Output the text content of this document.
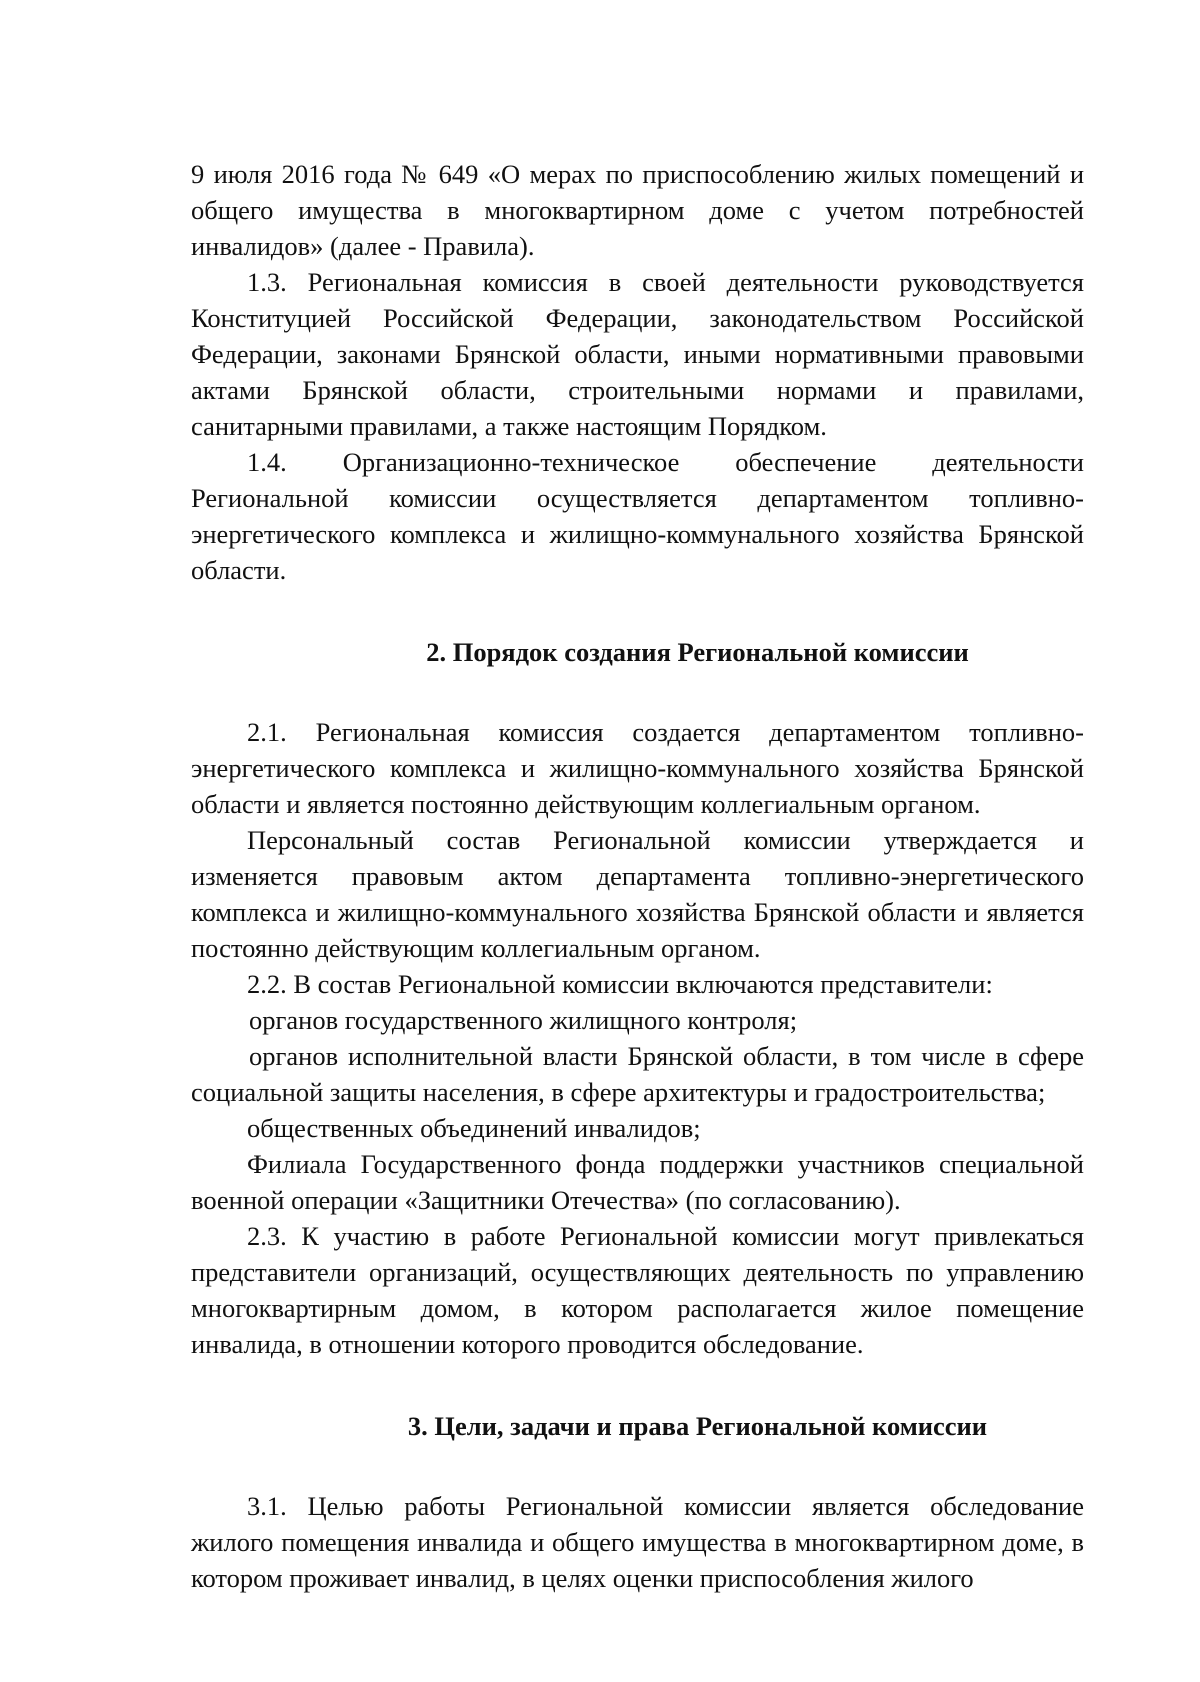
9 июля 2016 года № 649 «О мерах по приспособлению жилых помещений и общего имущества в многоквартирном доме с учетом потребностей инвалидов» (далее - Правила).

1.3. Региональная комиссия в своей деятельности руководствуется Конституцией Российской Федерации, законодательством Российской Федерации, законами Брянской области, иными нормативными правовыми актами Брянской области, строительными нормами и правилами, санитарными правилами, а также настоящим Порядком.

1.4. Организационно-техническое обеспечение деятельности Региональной комиссии осуществляется департаментом топливно-энергетического комплекса и жилищно-коммунального хозяйства Брянской области.

2. Порядок создания Региональной комиссии

2.1. Региональная комиссия создается департаментом топливно-энергетического комплекса и жилищно-коммунального хозяйства Брянской области и является постоянно действующим коллегиальным органом.

Персональный состав Региональной комиссии утверждается и изменяется правовым актом департамента топливно-энергетического комплекса и жилищно-коммунального хозяйства Брянской области и является постоянно действующим коллегиальным органом.

2.2. В состав Региональной комиссии включаются представители:

органов государственного жилищного контроля;

органов исполнительной власти Брянской области, в том числе в сфере социальной защиты населения, в сфере архитектуры и градостроительства;

общественных объединений инвалидов;

Филиала Государственного фонда поддержки участников специальной военной операции «Защитники Отечества» (по согласованию).

2.3. К участию в работе Региональной комиссии могут привлекаться представители организаций, осуществляющих деятельность по управлению многоквартирным домом, в котором располагается жилое помещение инвалида, в отношении которого проводится обследование.

3. Цели, задачи и права Региональной комиссии

3.1. Целью работы Региональной комиссии является обследование жилого помещения инвалида и общего имущества в многоквартирном доме, в котором проживает инвалид, в целях оценки приспособления жилого
